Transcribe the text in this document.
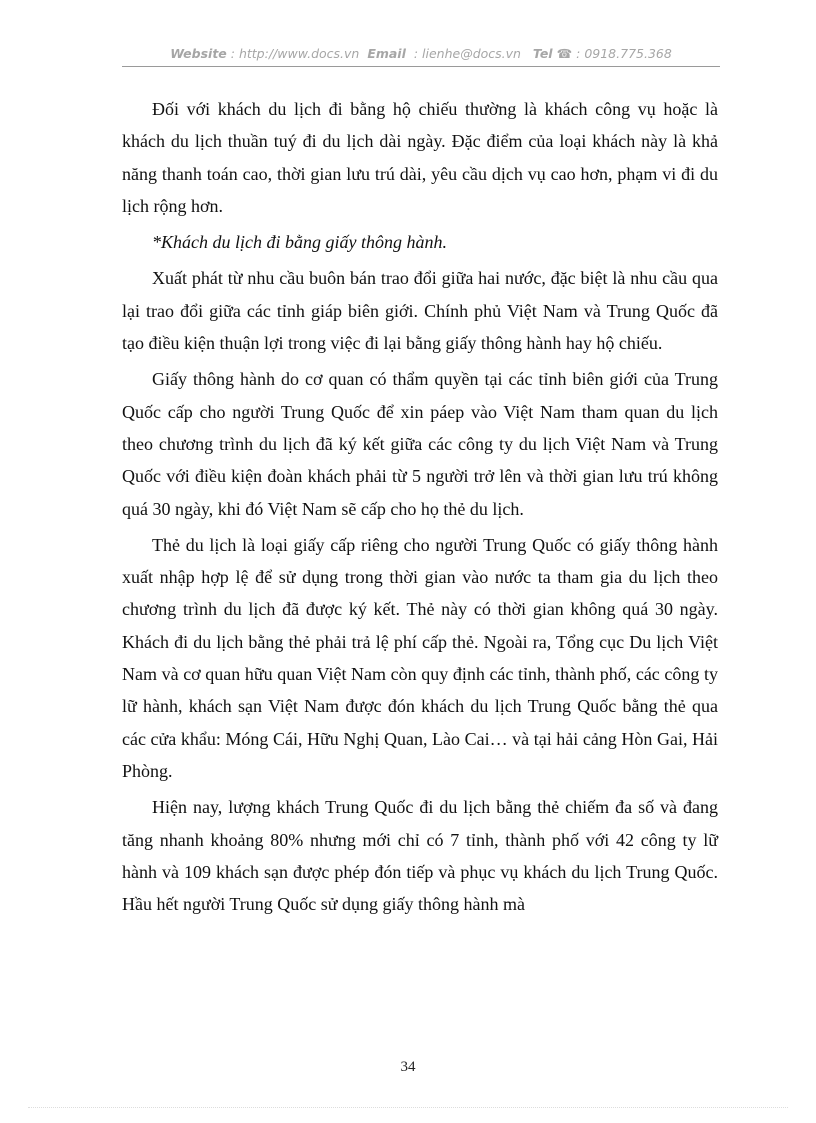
Website : http://www.docs.vn Email  : lienhe@docs.vn Tel ☎ : 0918.775.368

Đối với khách du lịch đi bằng hộ chiếu thường là khách công vụ hoặc là khách du lịch thuần tuý đi du lịch dài ngày. Đặc điểm của loại khách này là khả năng thanh toán cao, thời gian lưu trú dài, yêu cầu dịch vụ cao hơn, phạm vi đi du lịch rộng hơn.

*Khách du lịch đi bằng giấy thông hành.

Xuất phát từ nhu cầu buôn bán trao đổi giữa hai nước, đặc biệt là nhu cầu qua lại trao đổi giữa các tỉnh giáp biên giới. Chính phủ Việt Nam và Trung Quốc đã tạo điều kiện thuận lợi trong việc đi lại bằng giấy thông hành hay hộ chiếu.

Giấy thông hành do cơ quan có thẩm quyền tại các tỉnh biên giới của Trung Quốc cấp cho người Trung Quốc để xin páep vào Việt Nam tham quan du lịch theo chương trình du lịch đã ký kết giữa các công ty du lịch Việt Nam và Trung Quốc với điều kiện đoàn khách phải từ 5 người trở lên và thời gian lưu trú không quá 30 ngày, khi đó Việt Nam sẽ cấp cho họ thẻ du lịch.

Thẻ du lịch là loại giấy cấp riêng cho người Trung Quốc có giấy thông hành xuất nhập hợp lệ để sử dụng trong thời gian vào nước ta tham gia du lịch theo chương trình du lịch đã được ký kết. Thẻ này có thời gian không quá 30 ngày. Khách đi du lịch bằng thẻ phải trả lệ phí cấp thẻ. Ngoài ra, Tổng cục Du lịch Việt Nam và cơ quan hữu quan Việt Nam còn quy định các tỉnh, thành phố, các công ty lữ hành, khách sạn Việt Nam được đón khách du lịch Trung Quốc bằng thẻ qua các cửa khẩu: Móng Cái, Hữu Nghị Quan, Lào Cai… và tại hải cảng Hòn Gai, Hải Phòng.

Hiện nay, lượng khách Trung Quốc đi du lịch bằng thẻ chiếm đa số và đang tăng nhanh khoảng 80% nhưng mới chỉ có 7 tỉnh, thành phố với 42 công ty lữ hành và 109 khách sạn được phép đón tiếp và phục vụ khách du lịch Trung Quốc. Hầu hết người Trung Quốc sử dụng giấy thông hành mà

34
